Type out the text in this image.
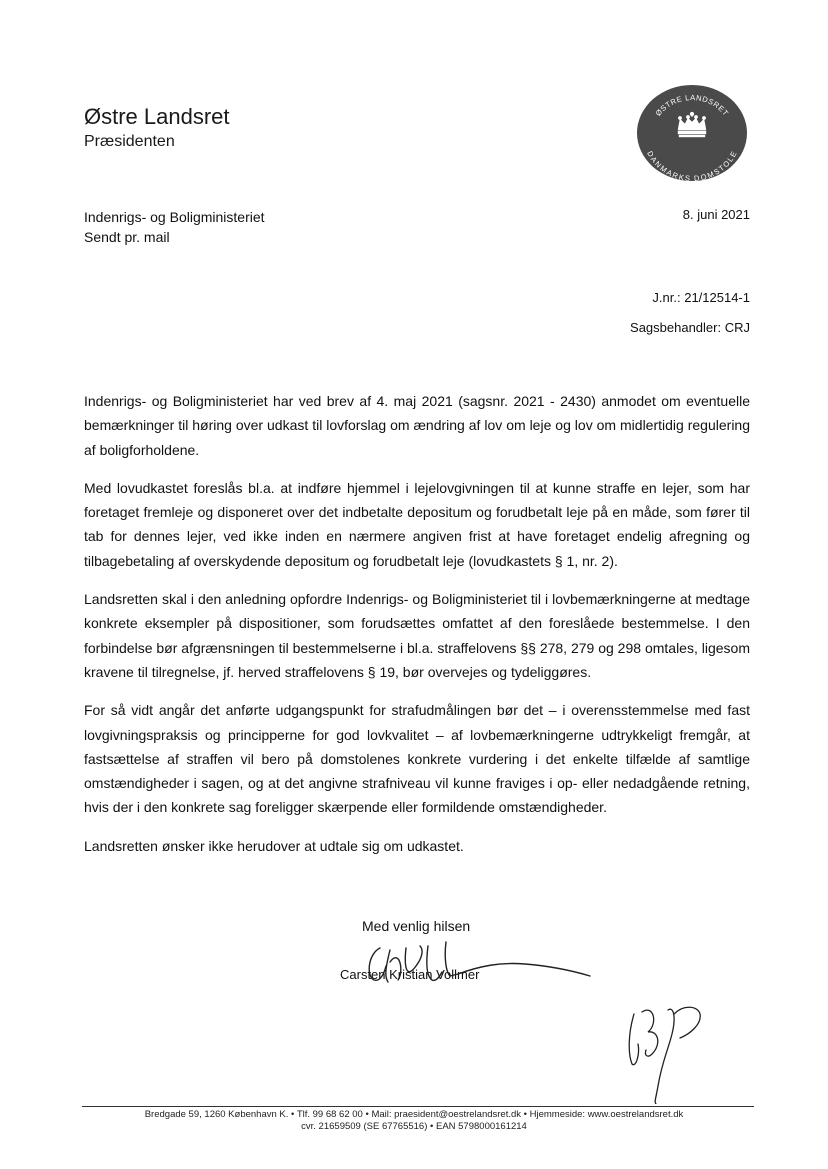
Østre Landsret
Præsidenten
ØSTRE LANDSRET
DANMARKS DOMSTOLE
Indenrigs- og Boligministeriet
Sendt pr. mail
8. juni 2021
J.nr.: 21/12514-1
Sagsbehandler: CRJ

Indenrigs- og Boligministeriet har ved brev af 4. maj 2021 (sagsnr. 2021 - 2430) anmodet om eventuelle bemærkninger til høring over udkast til lovforslag om ændring af lov om leje og lov om midlertidig regulering af boligforholdene.

Med lovudkastet foreslås bl.a. at indføre hjemmel i lejelovgivningen til at kunne straffe en lejer, som har foretaget fremleje og disponeret over det indbetalte depositum og forudbetalt leje på en måde, som fører til tab for dennes lejer, ved ikke inden en nærmere angiven frist at have foretaget endelig afregning og tilbagebetaling af overskydende depositum og forudbetalt leje (lovudkastets § 1, nr. 2).

Landsretten skal i den anledning opfordre Indenrigs- og Boligministeriet til i lovbemærkningerne at medtage konkrete eksempler på dispositioner, som forudsættes omfattet af den foreslåede bestemmelse. I den forbindelse bør afgrænsningen til bestemmelserne i bl.a. straffelovens §§ 278, 279 og 298 omtales, ligesom kravene til tilregnelse, jf. herved straffelovens § 19, bør overvejes og tydeliggøres.

For så vidt angår det anførte udgangspunkt for strafudmålingen bør det – i overensstemmelse med fast lovgivningspraksis og principperne for god lovkvalitet – af lovbemærkningerne udtrykkeligt fremgår, at fastsættelse af straffen vil bero på domstolenes konkrete vurdering i det enkelte tilfælde af samtlige omstændigheder i sagen, og at det angivne strafniveau vil kunne fraviges i op- eller nedadgående retning, hvis der i den konkrete sag foreligger skærpende eller formildende omstændigheder.

Landsretten ønsker ikke herudover at udtale sig om udkastet.

Med venlig hilsen
Carsten Kristian Vollmer
Bredgade 59, 1260 København K. • Tlf. 99 68 62 00 • Mail: praesident@oestrelandsret.dk • Hjemmeside: www.oestrelandsret.dk
cvr. 21659509 (SE 67765516) • EAN 5798000161214
